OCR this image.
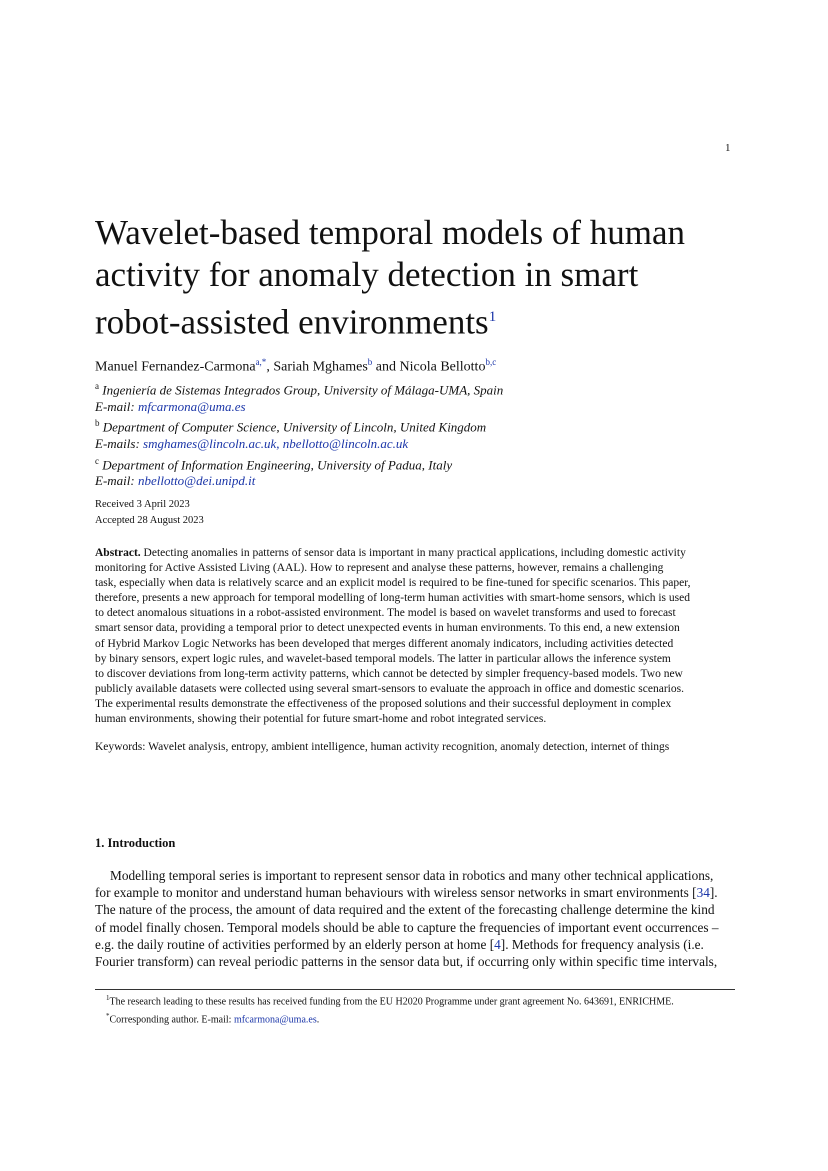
1
Wavelet-based temporal models of human
activity for anomaly detection in smart
robot-assisted environments$^1$
Manuel Fernandez-Carmona$^{a,*}$, Sariah Mghames$^b$ and Nicola Bellotto$^{b,c}$
$^a$ Ingeniería de Sistemas Integrados Group, University of Málaga-UMA, Spain
E-mail: mfcarmona@uma.es
$^b$ Department of Computer Science, University of Lincoln, United Kingdom
E-mails: smghames@lincoln.ac.uk, nbellotto@lincoln.ac.uk
$^c$ Department of Information Engineering, University of Padua, Italy
E-mail: nbellotto@dei.unipd.it
Received 3 April 2023
Accepted 28 August 2023
Abstract. Detecting anomalies in patterns of sensor data is important in many practical applications, including domestic activity
monitoring for Active Assisted Living (AAL). How to represent and analyse these patterns, however, remains a challenging
task, especially when data is relatively scarce and an explicit model is required to be fine-tuned for specific scenarios. This paper,
therefore, presents a new approach for temporal modelling of long-term human activities with smart-home sensors, which is used
to detect anomalous situations in a robot-assisted environment. The model is based on wavelet transforms and used to forecast
smart sensor data, providing a temporal prior to detect unexpected events in human environments. To this end, a new extension
of Hybrid Markov Logic Networks has been developed that merges different anomaly indicators, including activities detected
by binary sensors, expert logic rules, and wavelet-based temporal models. The latter in particular allows the inference system
to discover deviations from long-term activity patterns, which cannot be detected by simpler frequency-based models. Two new
publicly available datasets were collected using several smart-sensors to evaluate the approach in office and domestic scenarios.
The experimental results demonstrate the effectiveness of the proposed solutions and their successful deployment in complex
human environments, showing their potential for future smart-home and robot integrated services.
Keywords: Wavelet analysis, entropy, ambient intelligence, human activity recognition, anomaly detection, internet of things
1. Introduction
Modelling temporal series is important to represent sensor data in robotics and many other technical applications,
for example to monitor and understand human behaviours with wireless sensor networks in smart environments [34].
The nature of the process, the amount of data required and the extent of the forecasting challenge determine the kind
of model finally chosen. Temporal models should be able to capture the frequencies of important event occurrences –
e.g. the daily routine of activities performed by an elderly person at home [4]. Methods for frequency analysis (i.e.
Fourier transform) can reveal periodic patterns in the sensor data but, if occurring only within specific time intervals,
$^1$The research leading to these results has received funding from the EU H2020 Programme under grant agreement No. 643691, ENRICHME.
*Corresponding author. E-mail: mfcarmona@uma.es.
